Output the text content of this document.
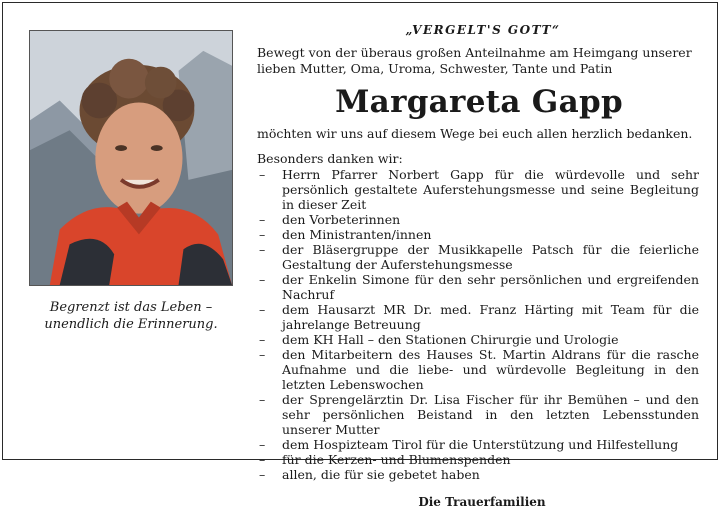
Begrenzt ist das Leben –
unendlich die Erinnerung.
„VERGELT'S GOTT“
Bewegt von der überaus großen Anteilnahme am Heimgang unserer lieben Mutter, Oma, Uroma, Schwester, Tante und Patin
Margareta Gapp
möchten wir uns auf diesem Wege bei euch allen herzlich bedanken.
Besonders danken wir:
– Herrn Pfarrer Norbert Gapp für die würdevolle und sehr persönlich gestaltete Auferstehungsmesse und seine Begleitung in dieser Zeit
– den Vorbeterinnen
– den Ministranten/innen
– der Bläsergruppe der Musikkapelle Patsch für die feierliche Gestaltung der Auferstehungsmesse
– der Enkelin Simone für den sehr persönlichen und ergreifenden Nachruf
– dem Hausarzt MR Dr. med. Franz Härting mit Team für die jahrelange Betreuung
– dem KH Hall – den Stationen Chirurgie und Urologie
– den Mitarbeitern des Hauses St. Martin Aldrans für die rasche Aufnahme und die liebe- und würdevolle Begleitung in den letzten Lebenswochen
– der Sprengelärztin Dr. Lisa Fischer für ihr Bemühen – und den sehr persönlichen Beistand in den letzten Lebensstunden unserer Mutter
– dem Hospizteam Tirol für die Unterstützung und Hilfestellung
– für die Kerzen- und Blumenspenden
– allen, die für sie gebetet haben
Die Trauerfamilien
